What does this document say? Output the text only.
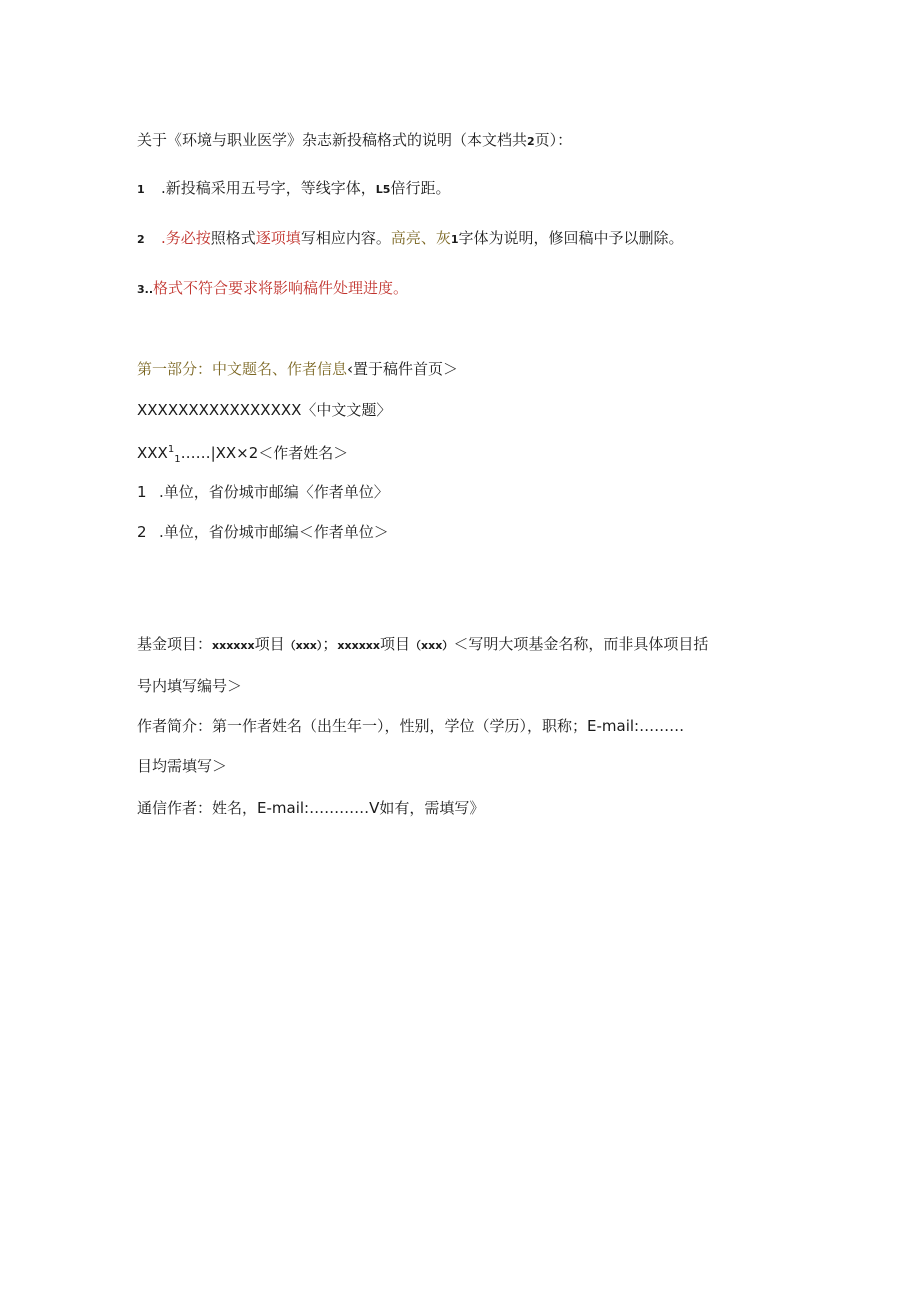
关于《环境与职业医学》杂志新投稿格式的说明（本文档共2页）：
1 .新投稿采用五号字，等线字体，L5倍行距。
2 .务必按照格式逐项填写相应内容。高亮、灰1字体为说明，修回稿中予以删除。
3..格式不符合要求将影响稿件处理进度。
第一部分：中文题名、作者信息‹置于稿件首页＞
XXXXXXXXXXXXXXXX〈中文文题〉
$XXX^1_1\dots\dots|XX\times 2<$作者姓名＞
1 .单位，省份城市邮编〈作者单位〉
2 .单位，省份城市邮编＜作者单位＞
基金项目：xxxxxx项目（xxx）；xxxxxx项目（xxx）＜写明大项基金名称，而非具体项目括
号内填写编号＞
作者简介：第一作者姓名（出生年一），性别，学位（学历），职称；E-mail:………
目均需填写＞
通信作者：姓名，E-mail:…………V如有，需填写》
